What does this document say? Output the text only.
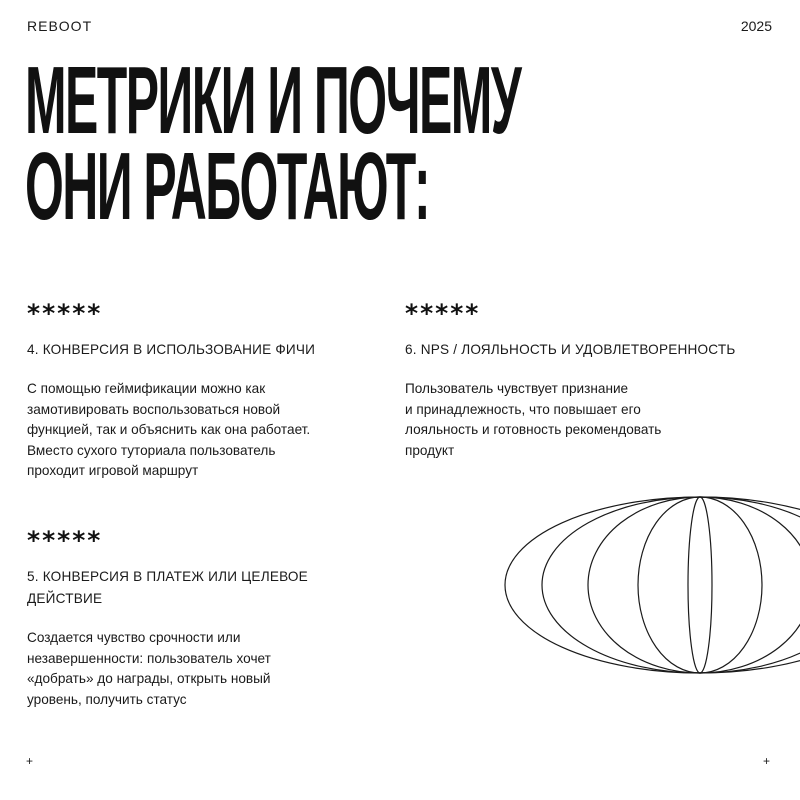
REBOOT	2025
МЕТРИКИ И ПОЧЕМУ
ОНИ РАБОТАЮТ:
*****
4. КОНВЕРСИЯ В ИСПОЛЬЗОВАНИЕ ФИЧИ
С помощью геймификации можно как
замотивировать воспользоваться новой
функцией, так и объяснить как она работает.
Вместо сухого туториала пользователь
проходит игровой маршрут
*****
6. NPS / ЛОЯЛЬНОСТЬ И УДОВЛЕТВОРЕННОСТЬ
Пользователь чувствует признание
и принадлежность, что повышает его
лояльность и готовность рекомендовать
продукт
*****
5. КОНВЕРСИЯ В ПЛАТЕЖ ИЛИ ЦЕЛЕВОЕ
ДЕЙСТВИЕ
Создается чувство срочности или
незавершенности: пользователь хочет
«добрать» до награды, открыть новый
уровень, получить статус
+	+
